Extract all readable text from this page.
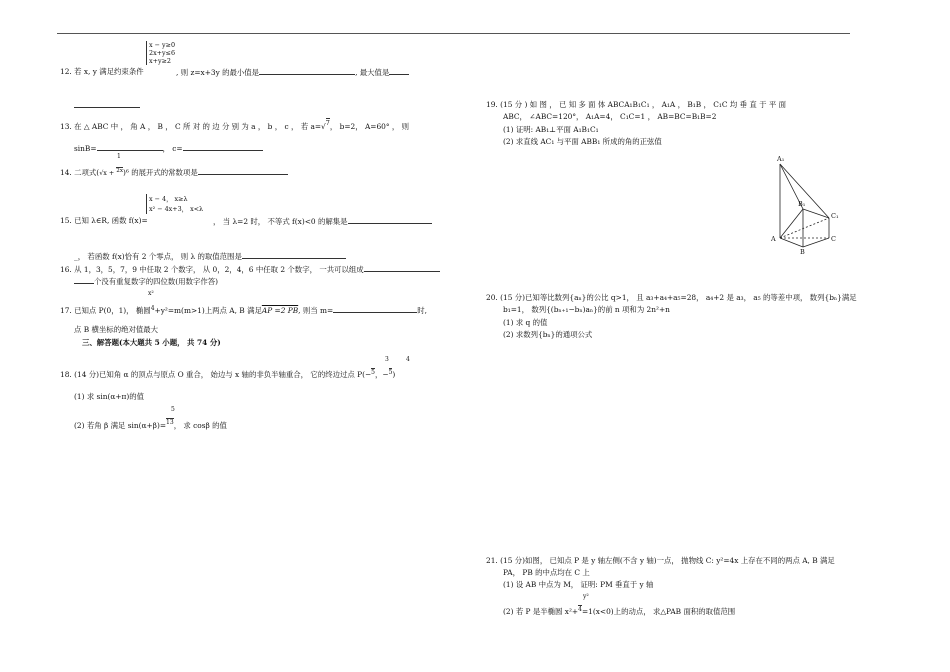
x − y≥0
2x+y≤6
x+y≥2
12. 若 x, y 满足约束条件	, 则 z=x+3y 的最小值是	, 最大值是
13. 在 △ ABC 中 ， 角 A ， B ， C 所 对 的 边 分 别 为 a ， b ， c ， 若 a=√7， b=2， A=60° ， 则
sinB=	， c=
1
14. 二项式(√x + $^{2x}$)⁶ 的展开式的常数项是
x − 4， x≥λ
x² − 4x+3， x<λ
15. 已知 λ∈R, 函数 f(x)=	， 当 λ=2 时， 不等式 f(x)<0 的解集是
_， 若函数 f(x)恰有 2 个零点， 则 λ 的取值范围是
16. 从 1，3，5，7，9 中任取 2 个数字， 从 0，2，4，6 中任取 2 个数字， 一共可以组成
个没有重复数字的四位数(用数字作答)
x²
17. 已知点 P(0，1)， 椭圆$^4$+y²=m(m>1)上两点 A, B 满足AP =2 PB, 则当 m=	时,
点 B 横坐标的绝对值最大
三、解答题(本大题共 5 小题， 共 74 分)
3	4
18. (14 分)已知角 α 的顶点与原点 O 重合， 始边与 x 轴的非负半轴重合， 它的终边过点 P(−$^5$，−$^5$)
(1) 求 sin(α+π)的值
5
(2) 若角 β 满足 sin(α+β)=$^{13}$， 求 cosβ 的值
19. (15 分 ) 如 图 ， 已 知 多 面 体 ABCA₁B₁C₁ ， A₁A ， B₁B ， C₁C 均 垂 直 于 平 面
ABC， ∠ABC=120°， A₁A=4， C₁C=1 ， AB=BC=B₁B=2
(1) 证明: AB₁⊥平面 A₁B₁C₁
(2) 求直线 AC₁ 与平面 ABB₁ 所成的角的正弦值
A₁
B₁
C₁
A
B
C
20. (15 分)已知等比数列{aₙ}的公比 q>1， 且 a₃+a₄+a₅=28， a₄+2 是 a₃， a₅ 的等差中项， 数列{bₙ}满足
b₁=1， 数列{(bₙ₊₁−bₙ)aₙ}的前 n 项和为 2n²+n
(1) 求 q 的值
(2) 求数列{bₙ}的通项公式
21. (15 分)如图， 已知点 P 是 y 轴左侧(不含 y 轴)一点， 抛物线 C: y²=4x 上存在不同的两点 A, B 满足
PA， PB 的中点均在 C 上
(1) 设 AB 中点为 M， 证明: PM 垂直于 y 轴
y²
(2) 若 P 是半椭圆 x²+$^4$=1(x<0)上的动点， 求△PAB 面积的取值范围
